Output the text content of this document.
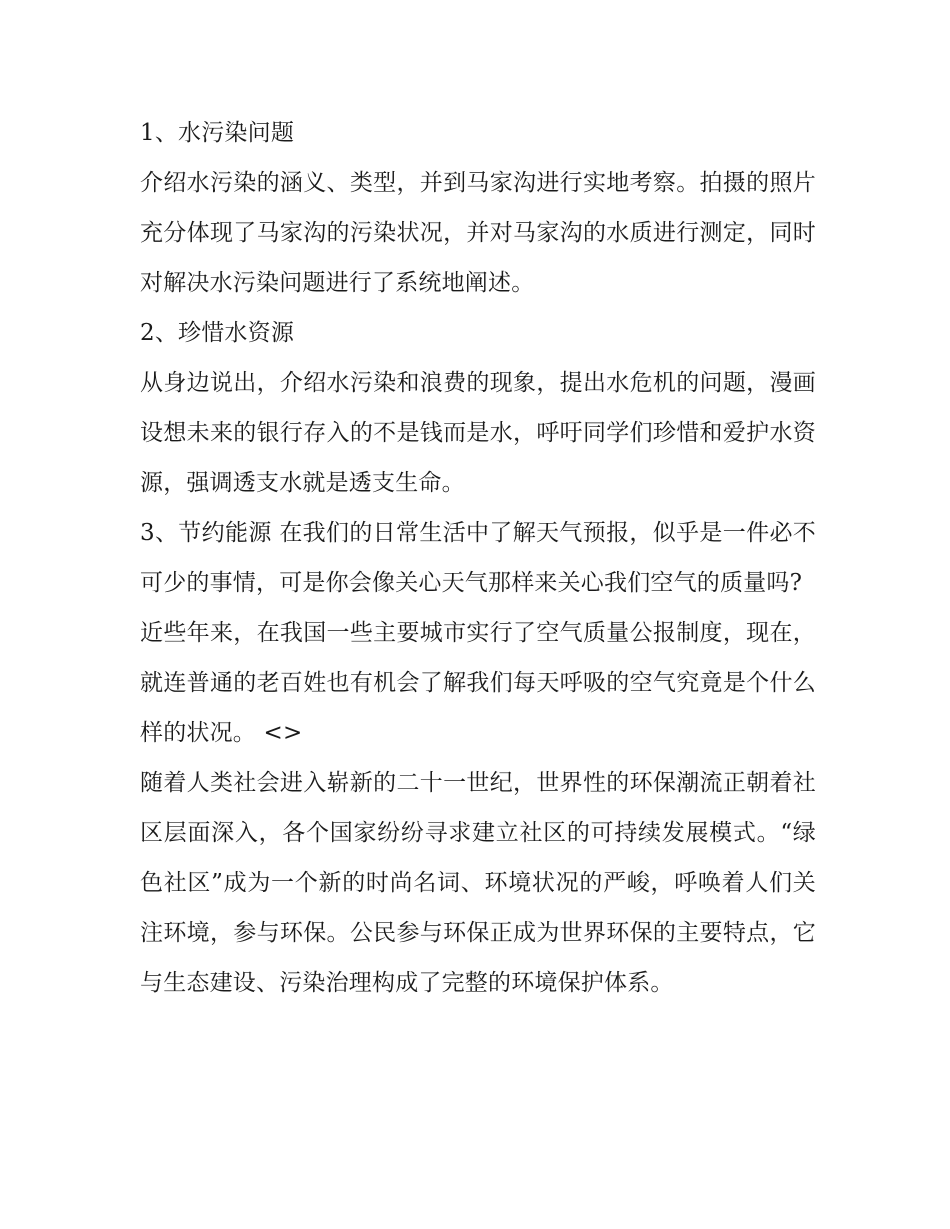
1、水污染问题

介绍水污染的涵义、类型，并到马家沟进行实地考察。拍摄的照片充分体现了马家沟的污染状况，并对马家沟的水质进行测定，同时对解决水污染问题进行了系统地阐述。

2、珍惜水资源

从身边说出，介绍水污染和浪费的现象，提出水危机的问题，漫画设想未来的银行存入的不是钱而是水，呼吁同学们珍惜和爱护水资源，强调透支水就是透支生命。

3、节约能源 在我们的日常生活中了解天气预报，似乎是一件必不可少的事情，可是你会像关心天气那样来关心我们空气的质量吗?

近些年来，在我国一些主要城市实行了空气质量公报制度，现在，就连普通的老百姓也有机会了解我们每天呼吸的空气究竟是个什么样的状况。 <>

随着人类社会进入崭新的二十一世纪，世界性的环保潮流正朝着社区层面深入，各个国家纷纷寻求建立社区的可持续发展模式。“绿色社区”成为一个新的时尚名词、环境状况的严峻，呼唤着人们关注环境，参与环保。公民参与环保正成为世界环保的主要特点，它与生态建设、污染治理构成了完整的环境保护体系。
